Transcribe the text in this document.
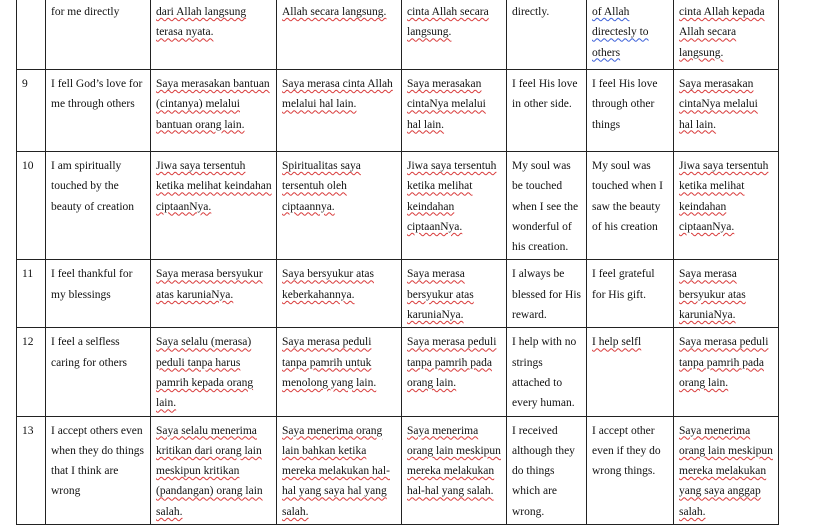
	for me directly	dari Allah langsung terasa nyata.	Allah secara langsung.	cinta Allah secara langsung.	directly.	of Allah directesly to others	cinta Allah kepada Allah secara langsung.
9	I fell God’s love for me through others	Saya merasakan bantuan (cintanya) melalui bantuan orang lain.	Saya merasa cinta Allah melalui hal lain.	Saya merasakan cintaNya melalui hal lain.	I feel His love in other side.	I feel His love through other things	Saya merasakan cintaNya melalui hal lain.
10	I am spiritually touched by the beauty of creation	Jiwa saya tersentuh ketika melihat keindahan ciptaanNya.	Spiritualitas saya tersentuh oleh ciptaannya.	Jiwa saya tersentuh ketika melihat keindahan ciptaanNya.	My soul was be touched when I see the wonderful of his creation.	My soul was touched when I saw the beauty of his creation	Jiwa saya tersentuh ketika melihat keindahan ciptaanNya.
11	I feel thankful for my blessings	Saya merasa bersyukur atas karuniaNya.	Saya bersyukur atas keberkahannya.	Saya merasa bersyukur atas karuniaNya.	I always be blessed for His reward.	I feel grateful for His gift.	Saya merasa bersyukur atas karuniaNya.
12	I feel a selfless caring for others	Saya selalu (merasa) peduli tanpa harus pamrih kepada orang lain.	Saya merasa peduli tanpa pamrih untuk menolong yang lain.	Saya merasa peduli tanpa pamrih pada orang lain.	I help with no strings attached to every human.	I help selfl	Saya merasa peduli tanpa pamrih pada orang lain.
13	I accept others even when they do things that I think are wrong	Saya selalu menerima kritikan dari orang lain meskipun kritikan (pandangan) orang lain salah.	Saya menerima orang lain bahkan ketika mereka melakukan hal-hal yang saya hal yang salah.	Saya menerima orang lain meskipun mereka melakukan hal-hal yang salah.	I received although they do things which are wrong.	I accept other even if they do wrong things.	Saya menerima orang lain meskipun mereka melakukan yang saya anggap salah.
